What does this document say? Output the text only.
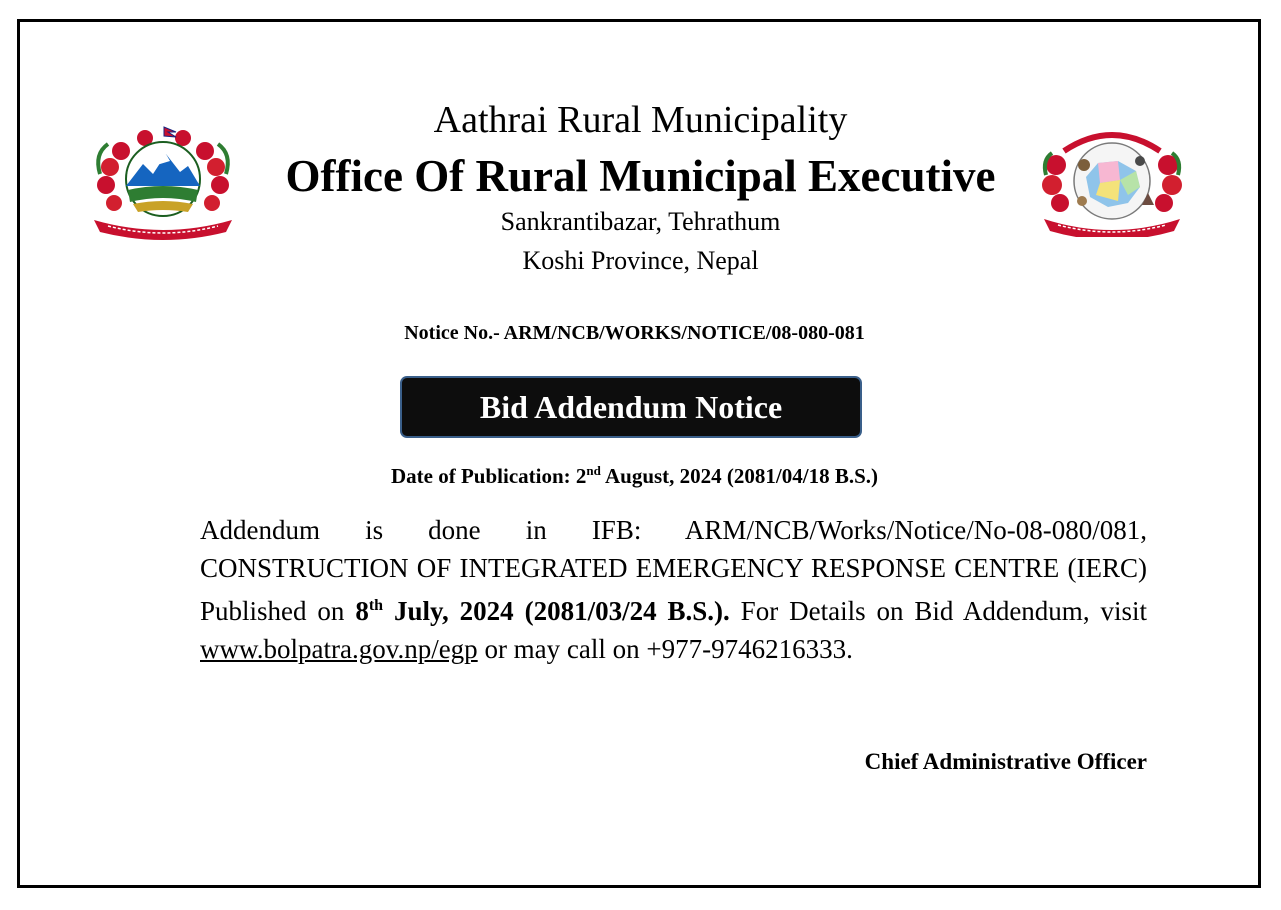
Aathrai Rural Municipality
Office Of Rural Municipal Executive
Sankrantibazar, Tehrathum
Koshi Province, Nepal
Notice No.- ARM/NCB/WORKS/NOTICE/08-080-081
Bid Addendum Notice
Date of Publication: 2nd August, 2024 (2081/04/18 B.S.)
Addendum is done in IFB: ARM/NCB/Works/Notice/No-08-080/081, CONSTRUCTION OF INTEGRATED EMERGENCY RESPONSE CENTRE (IERC) Published on 8th July, 2024 (2081/03/24 B.S.). For Details on Bid Addendum, visit www.bolpatra.gov.np/egp or may call on +977-9746216333.
Chief Administrative Officer
